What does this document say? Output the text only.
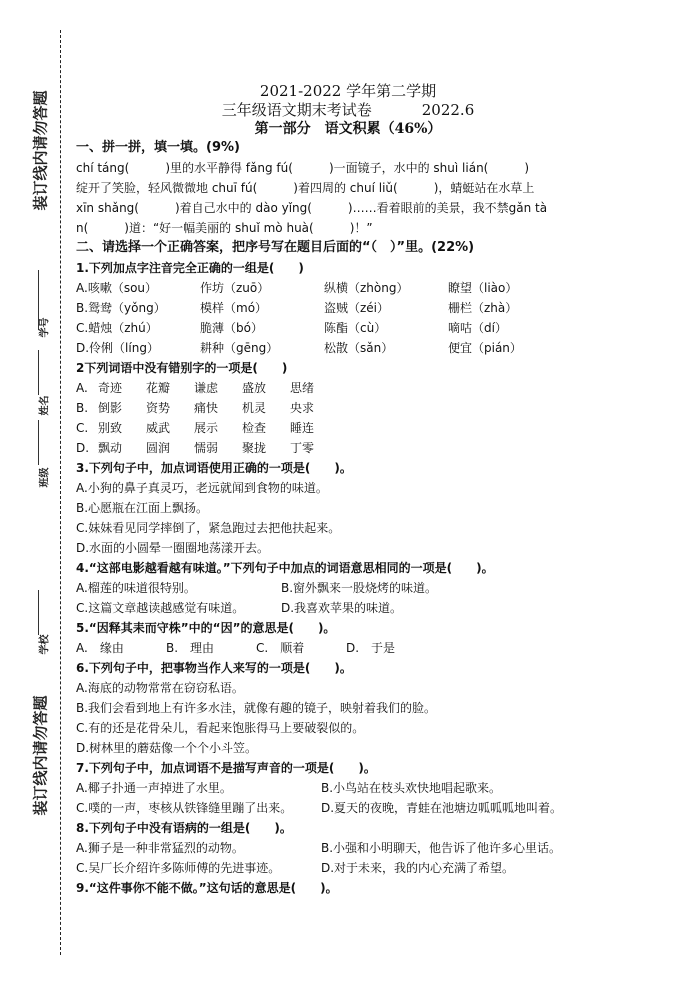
装订线内请勿答题
装订线内请勿答题
学号
姓名
班级
学校
2021-2022 学年第二学期
三年级语文期末考试卷	2022.6
第一部分　语文积累（46%）
一、拼一拼，填一填。(9%)
chí táng(　　　)里的水平静得 fǎng fú(　　　)一面镜子，水中的 shuì lián(　　　)
绽开了笑脸，轻风微微地 chuī fú(　　　)着四周的 chuí liǔ(　　　)，蜻蜓站在水草上
xīn shǎng(　　　)着自己水中的 dào yǐng(　　　)……看着眼前的美景，我不禁gǎn tà
n(　　　)道：“好一幅美丽的 shuǐ mò huà(　　　)！”
二、请选择一个正确答案，把序号写在题目后面的“（　）”里。(22%)
1.下列加点字注音完全正确的一组是(　　)
A.咳嗽（sou）	作坊（zuō）	纵横（zhòng）	瞭望（liào）
B.鸳鸯（yǒng）	模样（mó）	盗贼（zéi）	栅栏（zhà）
C.蜡烛（zhú）	脆薄（bó）	陈酯（cù）	嘀咕（dí）
D.伶俐（líng）	耕种（gēng）	松散（sǎn）	便宜（pián）
2下列词语中没有错别字的一项是(　　)
A. 奇迹	花瓣	谦虑	盛放	思绪
B. 倒影	资势	痛快	机灵	央求
C. 别致	威武	展示	检查	睡连
D. 飘动	圆润	懦弱	聚拢	丁零
3.下列句子中，加点词语使用正确的一项是(　　)。
A.小狗的鼻子真灵巧，老远就闻到食物的味道。
B.心愿瓶在江面上飘扬。
C.妹妹看见同学摔倒了，紧急跑过去把他扶起来。
D.水面的小圆晕一圈圈地荡漾开去。
4.“这部电影越看越有味道。”下列句子中加点的词语意思相同的一项是(　　)。
A.榴莲的味道很特别。	B.窗外飘来一股烧烤的味道。
C.这篇文章越读越感觉有味道。	D.我喜欢苹果的味道。
5.“因释其耒而守株”中的“因”的意思是(　　)。
A.　缘由	B.　理由	C.　顺着	D.　于是
6.下列句子中，把事物当作人来写的一项是(　　)。
A.海底的动物常常在窃窃私语。
B.我们会看到地上有许多水洼，就像有趣的镜子，映射着我们的脸。
C.有的还是花骨朵儿，看起来饱胀得马上要破裂似的。
D.树林里的蘑菇像一个个小斗笠。
7.下列句子中，加点词语不是描写声音的一项是(　　)。
A.椰子扑通一声掉进了水里。	B.小鸟站在枝头欢快地唱起歌来。
C.噗的一声，枣核从铁锋缝里蹦了出来。	D.夏天的夜晚，青蛙在池塘边呱呱呱地叫着。
8.下列句子中没有语病的一组是(　　)。
A.狮子是一种非常猛烈的动物。	B.小强和小明聊天，他告诉了他许多心里话。
C.吴厂长介绍许多陈师傅的先进事迹。	D.对于未来，我的内心充满了希望。
9.“这件事你不能不做。”这句话的意思是(　　)。
